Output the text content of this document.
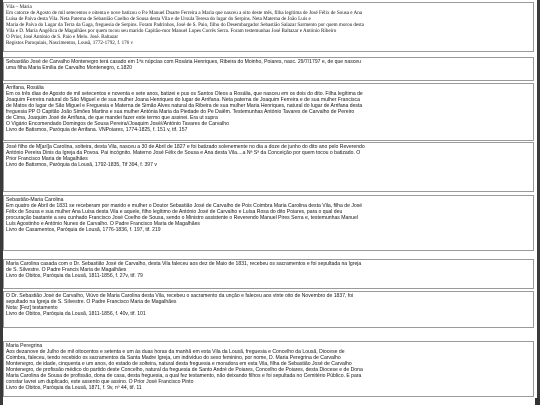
Vila – Maria
Em catorze de Agosto de mil setecentos e oitenta e nove batizou o P.e Manuel Duarte Ferreira a Maria que nasceu a oito deste mês, filha legítima de José Félix de Sousa e Ana
Luísa de Paiva desta Vila. Neta Paterna de Sebastião Coelho de Sousa desta Vila e de Ursula Teresa do lugar do Serpins. Neta Materna de João Luís e
Maria de Paiva do Lugar da Terra da Gaga, freguesia de Serpins. Foram Padrinhos, José de S. Paio, filho do Desembargador Sebastião Salazar Sarmento por quem morou desta
Vila e D. Maria Angélica de Magalhães por quem tocou seu marido Capitão-mor Manuel Lopes Corrês Serra. Foram testemunhas José Baltazar e António Ribeiro
O Prior, José António de S. Paio e Melo. José. Baltazar
Registos Paroquiais, Nascimentos, Lousã, 1772-1792, f. 176 v
Sebastião José de Carvalho Montenegro terá casado em 1ªs núpcias com Rosária Henriques, Ribeira do Moinho, Poiares, nasc. 29/7/1797 e, de que nasceu
uma filha Maria Emília de Carvalho Montenegro, c.1820
Arrifana, Rosália
Em os três dias de Agosto de mil setecentos e noventa e sete anos, batizei e pus os Santos Óleos a Rosália, que nasceu em os dois do dito. Filha legítima de
Joaquim Ferreira natural do São Miguel e de sua mulher Joana Henriques do lugar de Arrifana. Neta paterna de Joaquim Ferreira e de sua mulher Francisca
de Matos do lugar de São Miguel e Freguesia e Materna de Simão Alves natural da Ribeira de sua mulher Maria Henriques, natural do lugar de Arrifana desta
freguesia PP O Capitão João Simões Martins e sua mulher Antónia Maria da Piedade do Pe Daiêm. Testemunhas António Tavares de Carvalho de Pereiro
de Cima, Joaquim José de Arrifana, de que mandei fazer este termo que assinei. Era ut supra
O Vigário Encomendado Domingos de Sousa Pereira//Joaquim José//António Tavares de Carvalho
Livro de Batismos, Paróquia de Arrifana. VNPoiares, 1774-1825, f. 151 v, tif. 157
José filho de M[arí]a Carolina, solteira, desta Vila, nasceu a 30 de Abril de 1827 e foi batizado solenemente no dia a doze de junho do dito ano pelo Reverendo
António Pereira Dinis da Igreja da Povoa. Pai incógnito. Materno José Félix de Sousa e Ana desta Vila....a Nª Sª da Conceição por quem tocou o batizado. O
Prior Francisco Maria de Magalhães
Livro de Batismos, Paróquia da Lousã, 1792-1835, Tif 394, f. 397 v
Sebastião-Maria Carolina
Em quatro de Abril de 1831 se receberam por marido e mulher o Doutor Sebastião José de Carvalho de Pois Coimbra Maria Carolina desta Vila, filha de José
Félix de Sousa e sua mulher Ana Luísa desta Vila e aquele, filho legítimo de António José de Carvalho e Luísa Rosa do dito Poiares, para o qual deu
procuração bastante a seu cunhado Francisco José Coelho de Sousa, sendo o Ministro assistente o Reverendo Manuel Pires Serra e, testemunhas Manuel
Luís Agostinho e António Nunes de Carvalho. O Padre Francisco Maria de Magalhães
Livro de Casamentos, Paróquia de Lousã, 1776-1836, f. 197, tif. 219
Maria Carolina casada com o Dr. Sebastião José de Carvalho, desta Vila faleceu aos dez de Maio de 1831, recebeu os sacramentos e foi sepultada na Igreja
de S. Silvestre. O Padre Francis Maria de Magalhães
Livro de Óbitos, Paróquia da Lousã, 1811-1856, f. 27v, tif. 79
O Dr. Sebastião José de Carvalho, Viúvo de Maria Carolina desta Vila, recebeu o sacramento da unção e faleceu aos vinte oito de Novembro de 1837, foi
sepultado na Igreja de S. Silvestre. O Padre Francisco Maria de Magalhães
Nota: [Fez] testamento
Livro de Óbitos, Paróquia da Lousã, 1811-1856, f. 40v, tif. 101
Maria Peregrina
Aos dezanove de Julho de mil oitocentos e setenta e um às duas horas da manhã em esta Vila da Lousã, freguesia e Concelho da Lousã, Diocese de
Coimbra, faleceu, tendo recebido os sacramentos da Santa Madre Igreja, um indivíduo do sexo feminino, por nome, D. Maria Peregrina de Carvalho
Montenegro, de idade, cinquenta e um anos, do estado de solteira, natural desta freguesia e moradora em esta Vila, filha de Sebastião José de Carvalho
Montenegro, de profissão médico do partido deste Concelho, natural da freguesia de Santo André de Poiares, Concelho de Poiares, desta Diocese e de Dona
Maria Carolina de Sousa de profissão, dona de casa, desta freguesia, a qual fez testamento, não deixando filhos e foi sepultada no Cemitério Público. E para
constar lavrei um duplicado, este assento que assino. O Prior José Francisco Pinto
Livro de Óbitos, Paróquia da Lousã, 1871, f. 9v, nº 44, tif. 11
